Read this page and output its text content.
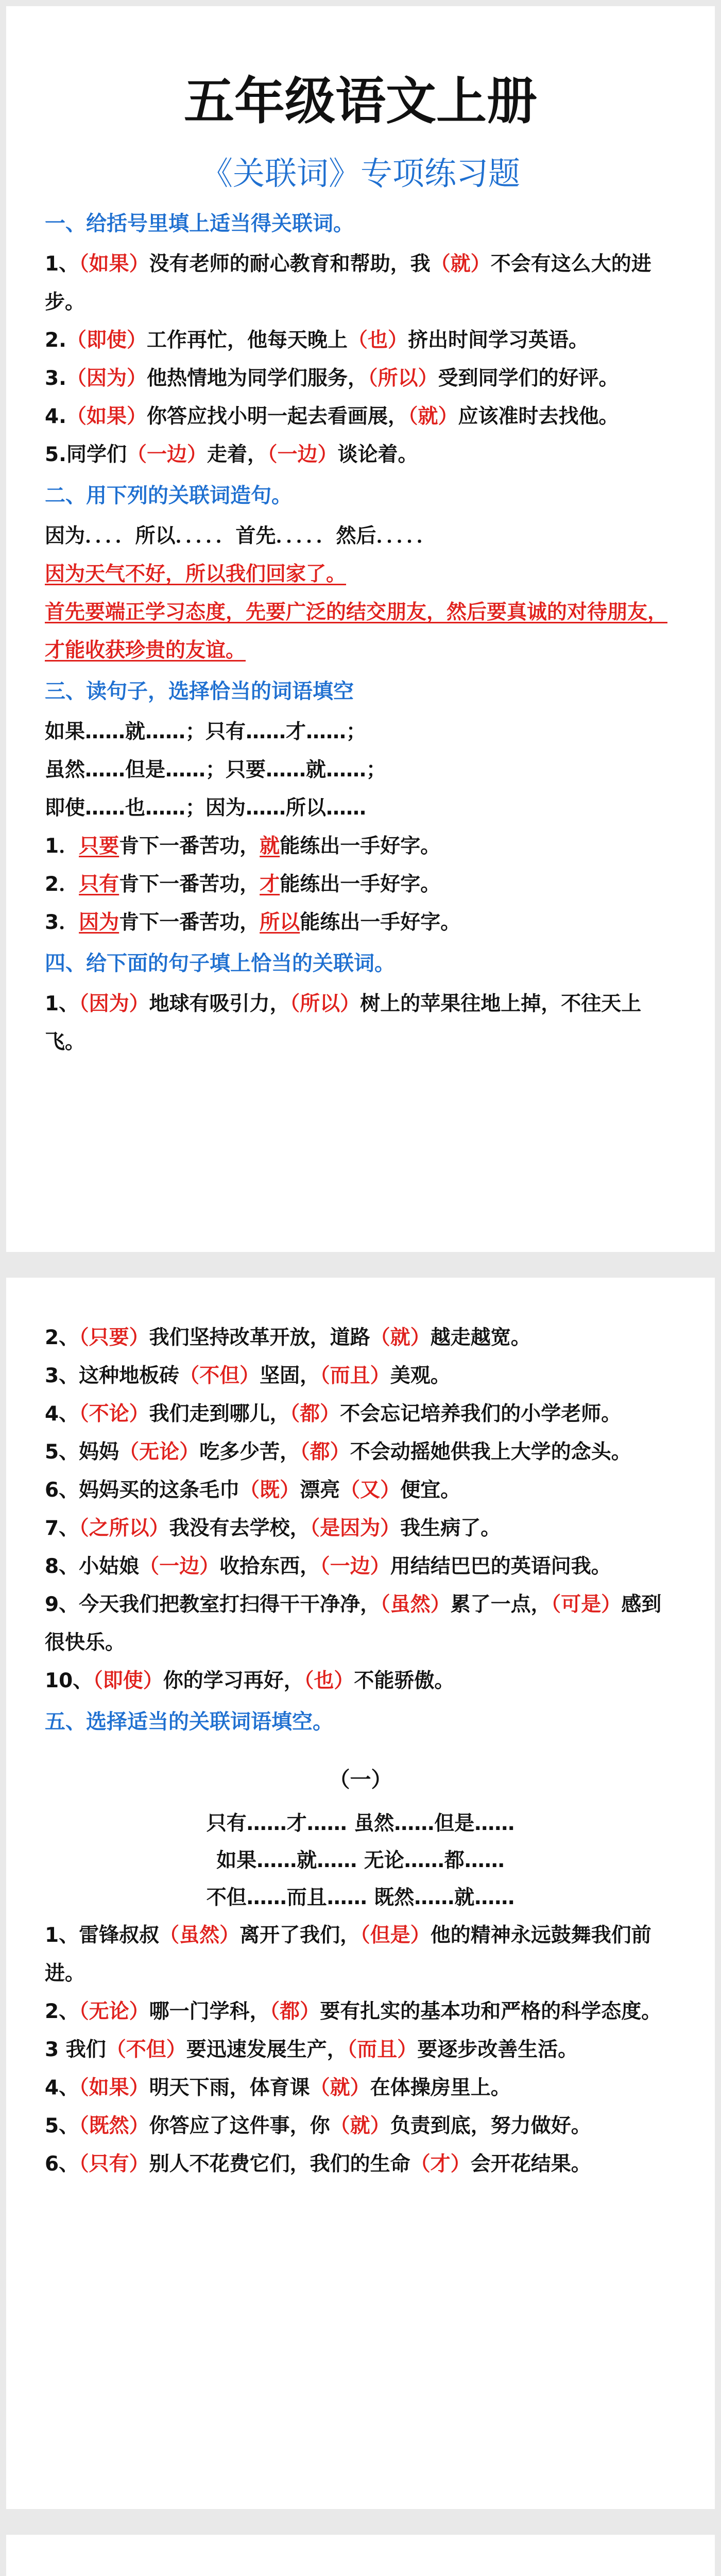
五年级语文上册
《关联词》专项练习题
一、给括号里填上适当得关联词。

1、（如果）没有老师的耐心教育和帮助，我（就）不会有这么大的进步。

2.（即使）工作再忙，他每天晚上（也）挤出时间学习英语。

3.（因为）他热情地为同学们服务，（所以）受到同学们的好评。

4.（如果）你答应找小明一起去看画展，（就）应该准时去找他。

5.同学们（一边）走着，（一边）谈论着。

二、用下列的关联词造句。

因为．．．．所以．．．．．首先．．．．．然后．．．．．

因为天气不好，所以我们回家了。

首先要端正学习态度，先要广泛的结交朋友，然后要真诚的对待朋友，才能收获珍贵的友谊。

三、读句子，选择恰当的词语填空

如果……就……；只有……才……；

虽然……但是……；只要……就……；

即使……也……；因为……所以……

1．只要肯下一番苦功，就能练出一手好字。

2．只有肯下一番苦功，才能练出一手好字。

3．因为肯下一番苦功，所以能练出一手好字。

四、给下面的句子填上恰当的关联词。

1、（因为）地球有吸引力，（所以）树上的苹果往地上掉，不往天上飞。

2、（只要）我们坚持改革开放，道路（就）越走越宽。

3、这种地板砖（不但）坚固，（而且）美观。

4、（不论）我们走到哪儿，（都）不会忘记培养我们的小学老师。

5、妈妈（无论）吃多少苦，（都）不会动摇她供我上大学的念头。

6、妈妈买的这条毛巾（既）漂亮（又）便宜。

7、（之所以）我没有去学校，（是因为）我生病了。

8、小姑娘（一边）收拾东西，（一边）用结结巴巴的英语问我。

9、今天我们把教室打扫得干干净净，（虽然）累了一点，（可是）感到很快乐。

10、（即使）你的学习再好，（也）不能骄傲。

五、选择适当的关联词语填空。
（一）

只有……才…… 虽然……但是……

如果……就…… 无论……都……

不但……而且…… 既然……就……

1、雷锋叔叔（虽然）离开了我们，（但是）他的精神永远鼓舞我们前进。

2、（无论）哪一门学科，（都）要有扎实的基本功和严格的科学态度。

3 我们（不但）要迅速发展生产，（而且）要逐步改善生活。

4、（如果）明天下雨，体育课（就）在体操房里上。

5、（既然）你答应了这件事，你（就）负责到底，努力做好。

6、（只有）别人不花费它们，我们的生命（才）会开花结果。
